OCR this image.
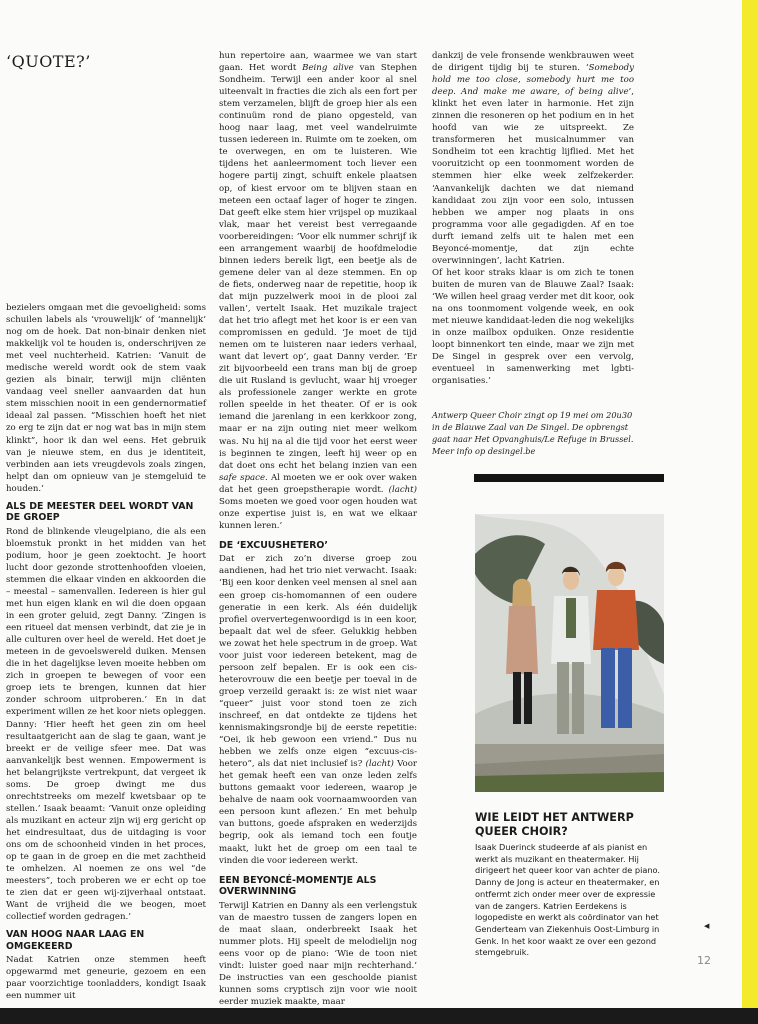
‘QUOTE?’

bezielers omgaan met die gevoeligheid: soms schuilen labels als ‘vrouwelijk’ of ‘mannelijk’ nog om de hoek. Dat non-binair denken niet makkelijk vol te houden is, onderschrijven ze met veel nuchterheid. Katrien: ‘Vanuit de medische wereld wordt ook de stem vaak gezien als binair, terwijl mijn cliënten vandaag veel sneller aanvaarden dat hun stem misschien nooit in een gendernormatief ideaal zal passen. “Misschien hoeft het niet zo erg te zijn dat er nog wat bas in mijn stem klinkt”, hoor ik dan wel eens. Het gebruik van je nieuwe stem, en dus je identiteit, verbinden aan iets vreugdevols zoals zingen, helpt dan om opnieuw van je stemgeluid te houden.’

ALS DE MEESTER DEEL WORDT VAN DE GROEP

Rond de blinkende vleugelpiano, die als een bloemstuk pronkt in het midden van het podium, hoor je geen zoektocht. Je hoort lucht door gezonde strottenhoofden vloeien, stemmen die elkaar vinden en akkoorden die – meestal – samenvallen. Iedereen is hier gul met hun eigen klank en wil die doen opgaan in een groter geluid, zegt Danny. ‘Zingen is een ritueel dat mensen verbindt, dat zie je in alle culturen over heel de wereld. Het doet je meteen in de gevoelswereld duiken. Mensen die in het dagelijkse leven moeite hebben om zich in groepen te bewegen of voor een groep iets te brengen, kunnen dat hier zonder schroom uitproberen.’ En in dat experiment willen ze het koor niets opleggen. Danny: ‘Hier heeft het geen zin om heel resultaatgericht aan de slag te gaan, want je breekt er de veilige sfeer mee. Dat was aanvankelijk best wennen. Empowerment is het belangrijkste vertrekpunt, dat vergeet ik soms. De groep dwingt me dus onrechtstreeks om mezelf kwetsbaar op te stellen.’ Isaak beaamt: ‘Vanuit onze opleiding als muzikant en acteur zijn wij erg gericht op het eindresultaat, dus de uitdaging is voor ons om de schoonheid vinden in het proces, op te gaan in de groep en die met zachtheid te omhelzen. Al noemen ze ons wel “de meesters”, toch proberen we er echt op toe te zien dat er geen wij-zijverhaal ontstaat. Want de vrijheid die we beogen, moet collectief worden gedragen.’

VAN HOOG NAAR LAAG EN OMGEKEERD

Nadat Katrien onze stemmen heeft opgewarmd met geneurie, gezoem en een paar voorzichtige toonladders, kondigt Isaak een nummer uit

hun repertoire aan, waarmee we van start gaan. Het wordt Being alive van Stephen Sondheim. Terwijl een ander koor al snel uiteenvalt in fracties die zich als een fort per stem verzamelen, blijft de groep hier als een continuüm rond de piano opgesteld, van hoog naar laag, met veel wandelruimte tussen iedereen in. Ruimte om te zoeken, om te overwegen, en om te luisteren. Wie tijdens het aanleermoment toch liever een hogere partij zingt, schuift enkele plaatsen op, of kiest ervoor om te blijven staan en meteen een octaaf lager of hoger te zingen. Dat geeft elke stem hier vrijspel op muzikaal vlak, maar het vereist best verregaande voorbereidingen: ‘Voor elk nummer schrijf ik een arrangement waarbij de hoofdmelodie binnen ieders bereik ligt, een beetje als de gemene deler van al deze stemmen. En op de fiets, onderweg naar de repetitie, hoop ik dat mijn puzzelwerk mooi in de plooi zal vallen’, vertelt Isaak. Het muzikale traject dat het trio aflegt met het koor is er een van compromissen en geduld. ‘Je moet de tijd nemen om te luisteren naar ieders verhaal, want dat levert op’, gaat Danny verder. ‘Er zit bijvoorbeeld een trans man bij de groep die uit Rusland is gevlucht, waar hij vroeger als professionele zanger werkte en grote rollen speelde in het theater. Of er is ook iemand die jarenlang in een kerkkoor zong, maar er na zijn outing niet meer welkom was. Nu hij na al die tijd voor het eerst weer is beginnen te zingen, leeft hij weer op en dat doet ons echt het belang inzien van een safe space. Al moeten we er ook over waken dat het geen groepstherapie wordt. (lacht) Soms moeten we goed voor ogen houden wat onze expertise juist is, en wat we elkaar kunnen leren.’

DE ‘EXCUUSHETERO’

Dat er zich zo’n diverse groep zou aandienen, had het trio niet verwacht. Isaak: ‘Bij een koor denken veel mensen al snel aan een groep cis-homomannen of een oudere generatie in een kerk. Als één duidelijk profiel oververtegenwoordigd is in een koor, bepaalt dat wel de sfeer. Gelukkig hebben we zowat het hele spectrum in de groep. Wat voor juist voor iedereen betekent, mag de persoon zelf bepalen. Er is ook een cis-heterovrouw die een beetje per toeval in de groep verzeild geraakt is: ze wist niet waar “queer” juist voor stond toen ze zich inschreef, en dat ontdekte ze tijdens het kennismakingsrondje bij de eerste repetitie: “Oei, ik heb gewoon een vriend.” Dus nu hebben we zelfs onze eigen “excuus-cis-hetero”, als dat niet inclusief is? (lacht) Voor het gemak heeft een van onze leden zelfs buttons gemaakt voor iedereen, waarop je behalve de naam ook voornaamwoorden van een persoon kunt aflezen.’ En met behulp van buttons, goede afspraken en wederzijds begrip, ook als iemand toch een foutje maakt, lukt het de groep om een taal te vinden die voor iedereen werkt.

EEN BEYONCÉ-MOMENTJE ALS OVERWINNING

Terwijl Katrien en Danny als een verlengstuk van de maestro tussen de zangers lopen en de maat slaan, onderbreekt Isaak het nummer plots. Hij speelt de melodielijn nog eens voor op de piano: ‘Wie de toon niet vindt: luister goed naar mijn rechterhand.’ De instructies van een geschoolde pianist kunnen soms cryptisch zijn voor wie nooit eerder muziek maakte, maar

dankzij de vele fronsende wenkbrauwen weet de dirigent tijdig bij te sturen. ‘Somebody hold me too close, somebody hurt me too deep. And make me aware, of being alive’, klinkt het even later in harmonie. Het zijn zinnen die resoneren op het podium en in het hoofd van wie ze uitspreekt. Ze transformeren het musicalnummer van Sondheim tot een krachtig lijflied. Met het vooruitzicht op een toonmoment worden de stemmen hier elke week zelfzekerder. ‘Aanvankelijk dachten we dat niemand kandidaat zou zijn voor een solo, intussen hebben we amper nog plaats in ons programma voor alle gegadigden. Af en toe durft iemand zelfs uit te halen met een Beyoncé-momentje, dat zijn echte overwinningen’, lacht Katrien.

Of het koor straks klaar is om zich te tonen buiten de muren van de Blauwe Zaal? Isaak: ‘We willen heel graag verder met dit koor, ook na ons toonmoment volgende week, en ook met nieuwe kandidaat-leden die nog wekelijks in onze mailbox opduiken. Onze residentie loopt binnenkort ten einde, maar we zijn met De Singel in gesprek over een vervolg, eventueel in samenwerking met lgbti-organisaties.’

Antwerp Queer Choir zingt op 19 mei om 20u30 in de Blauwe Zaal van De Singel. De opbrengst gaat naar Het Opvanghuis/Le Refuge in Brussel. Meer info op desingel.be

WIE LEIDT HET ANTWERP QUEER CHOIR?
Isaak Duerinck studeerde af als pianist en werkt als muzikant en theatermaker. Hij dirigeert het queer koor van achter de piano. Danny de Jong is acteur en theatermaker, en ontfermt zich onder meer over de expressie van de zangers. Katrien Eerdekens is logopediste en werkt als coördinator van het Genderteam van Ziekenhuis Oost-Limburg in Genk. In het koor waakt ze over een gezond stemgebruik.
◀
12
